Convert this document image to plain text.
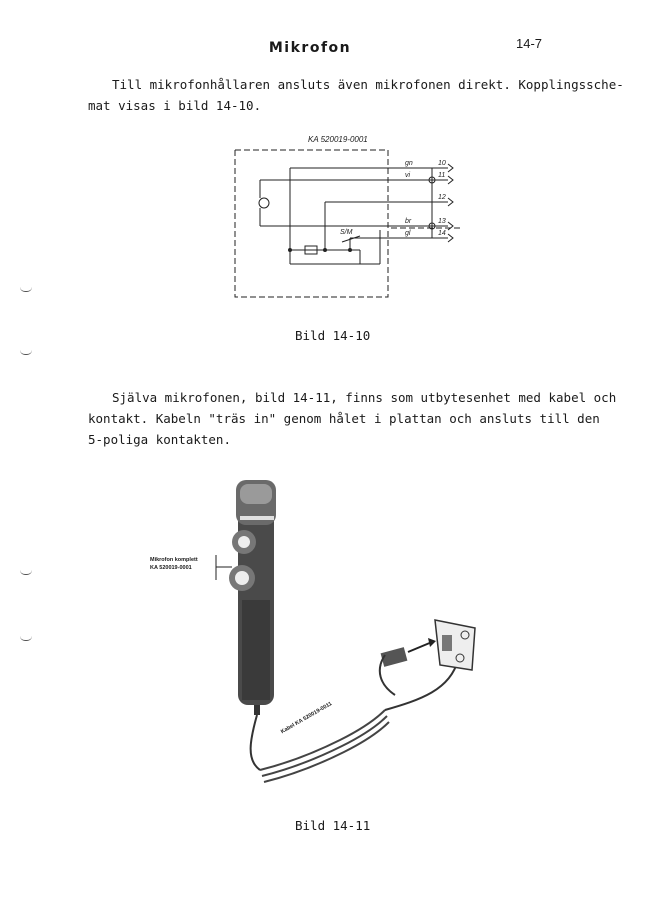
Mikrofon	14-7
Till mikrofonhållaren ansluts även mikrofonen direkt. Kopplingssche-
mat visas i bild 14-10.
KA 520019-0001
gn
vi
br
gl
10
11
12
13
14
S/M
Bild 14-10
Själva mikrofonen, bild 14-11, finns som utbytesenhet med kabel och
kontakt. Kabeln "träs in" genom hålet i plattan och ansluts till den
5-poliga kontakten.
Mikrofon komplett
KA 520019-0001
Kabel KA 520019-0011
Bild 14-11
